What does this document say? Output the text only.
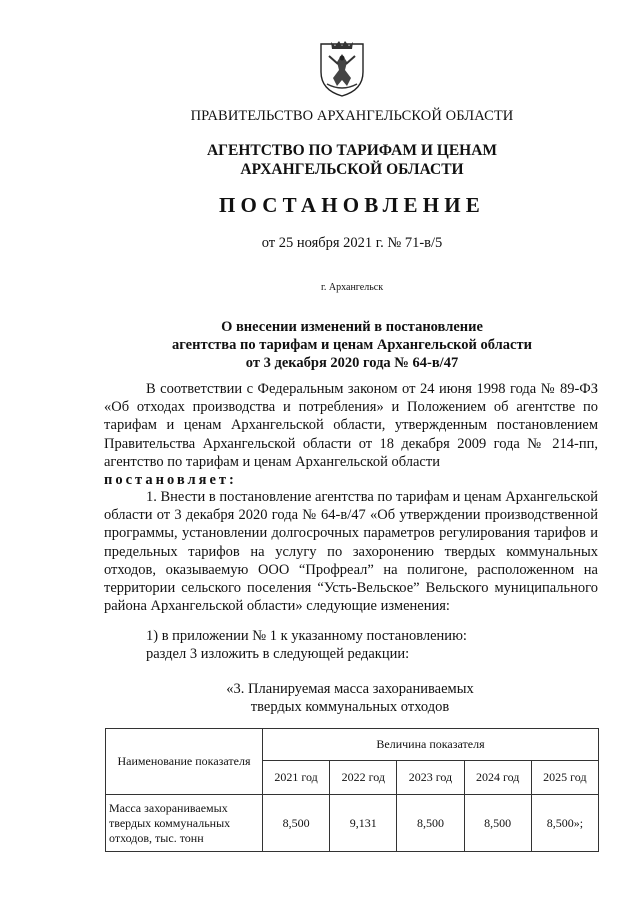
ПРАВИТЕЛЬСТВО АРХАНГЕЛЬСКОЙ ОБЛАСТИ
АГЕНТСТВО ПО ТАРИФАМ И ЦЕНАМ
АРХАНГЕЛЬСКОЙ ОБЛАСТИ
ПОСТАНОВЛЕНИЕ
от 25 ноября 2021 г. № 71-в/5
г. Архангельск
О внесении изменений в постановление
агентства по тарифам и ценам Архангельской области
от 3 декабря 2020 года № 64-в/47
В соответствии с Федеральным законом от 24 июня 1998 года № 89-ФЗ «Об отходах производства и потребления» и Положением об агентстве по тарифам и ценам Архангельской области, утвержденным постановлением Правительства Архангельской области от 18 декабря 2009 года № 214-пп, агентство по тарифам и ценам Архангельской области
постановляет:
1. Внести в постановление агентства по тарифам и ценам Архангельской области от 3 декабря 2020 года № 64-в/47 «Об утверждении производственной программы, установлении долгосрочных параметров регулирования тарифов и предельных тарифов на услугу по захоронению твердых коммунальных отходов, оказываемую ООО “Профреал” на полигоне, расположенном на территории сельского поселения “Усть-Вельское” Вельского муниципального района Архангельской области» следующие изменения:
1) в приложении № 1 к указанному постановлению:
раздел 3 изложить в следующей редакции:
«3. Планируемая масса захораниваемых
твердых коммунальных отходов
Наименование показателя	Величина показателя				
	2021 год	2022 год	2023 год	2024 год	2025 год
Масса захораниваемых твердых коммунальных отходов, тыс. тонн	8,500	9,131	8,500	8,500	8,500»;
